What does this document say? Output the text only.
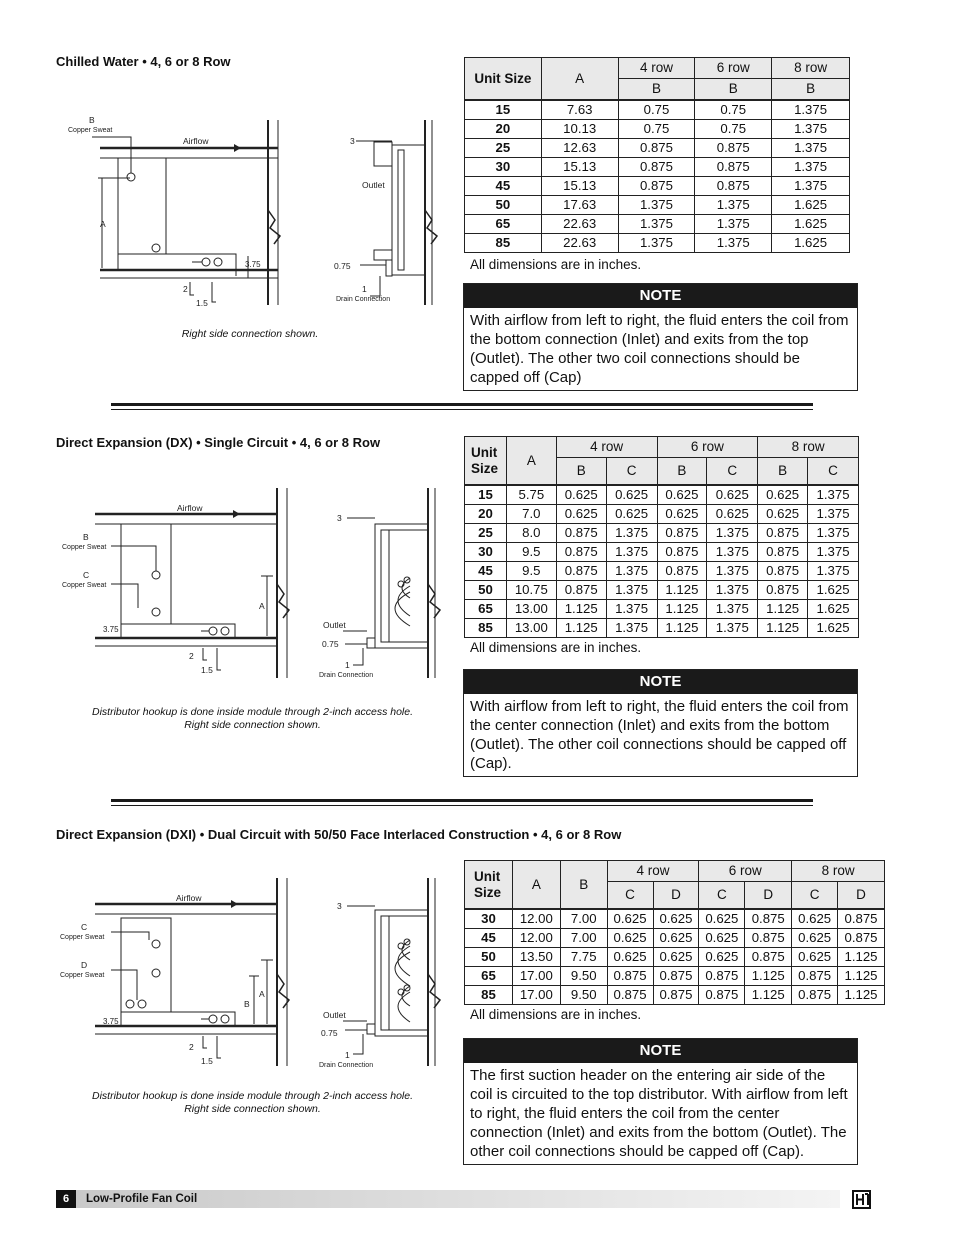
Chilled Water • 4, 6 or 8 Row
B
Copper Sweat
Airflow
A
3.75
2
1.5
3
Outlet
0.75
1
Drain Connection
Right side connection shown.
Unit Size	A	4 row	6 row	8 row
		B	B	B
15	7.63	0.75	0.75	1.375
20	10.13	0.75	0.75	1.375
25	12.63	0.875	0.875	1.375
30	15.13	0.875	0.875	1.375
45	15.13	0.875	0.875	1.375
50	17.63	1.375	1.375	1.625
65	22.63	1.375	1.375	1.625
85	22.63	1.375	1.375	1.625
All dimensions are in inches.
NOTE
With airflow from left to right, the fluid enters the coil from the bottom connection (Inlet) and exits from the top (Outlet). The other two coil connections should be capped off (Cap)
Direct Expansion (DX) • Single Circuit • 4, 6 or 8 Row
Airflow
B
Copper Sweat
C
Copper Sweat
A
3.75
2
1.5
3
Outlet
0.75
1
Drain Connection
Distributor hookup is done inside module through 2-inch access hole.
Right side connection shown.
Unit Size	A	4 row		6 row		8 row	
		B	C	B	C	B	C
15	5.75	0.625	0.625	0.625	0.625	0.625	1.375
20	7.0	0.625	0.625	0.625	0.625	0.625	1.375
25	8.0	0.875	1.375	0.875	1.375	0.875	1.375
30	9.5	0.875	1.375	0.875	1.375	0.875	1.375
45	9.5	0.875	1.375	0.875	1.375	0.875	1.375
50	10.75	0.875	1.375	1.125	1.375	0.875	1.625
65	13.00	1.125	1.375	1.125	1.375	1.125	1.625
85	13.00	1.125	1.375	1.125	1.375	1.125	1.625
All dimensions are in inches.
NOTE
With airflow from left to right, the fluid enters the coil from the center connection (Inlet) and exits from the bottom (Outlet). The other coil connections should be capped off (Cap).
Direct Expansion (DXI) • Dual Circuit with 50/50 Face Interlaced Construction • 4, 6 or 8 Row
Airflow
C
Copper Sweat
D
Copper Sweat
A
B
3.75
2
1.5
3
Outlet
0.75
1
Drain Connection
Distributor hookup is done inside module through 2-inch access hole.
Right side connection shown.
Unit Size	A	B	4 row		6 row		8 row	
			C	D	C	D	C	D
30	12.00	7.00	0.625	0.625	0.625	0.875	0.625	0.875
45	12.00	7.00	0.625	0.625	0.625	0.875	0.625	0.875
50	13.50	7.75	0.625	0.625	0.625	0.875	0.625	1.125
65	17.00	9.50	0.875	0.875	0.875	1.125	0.875	1.125
85	17.00	9.50	0.875	0.875	0.875	1.125	0.875	1.125
All dimensions are in inches.
NOTE
The first suction header on the entering air side of the coil is circuited to the top distributor. With airflow from left to right, the fluid enters the coil from the center connection (Inlet) and exits from the bottom (Outlet). The other coil connections should be capped off (Cap).
6	Low-Profile Fan Coil
